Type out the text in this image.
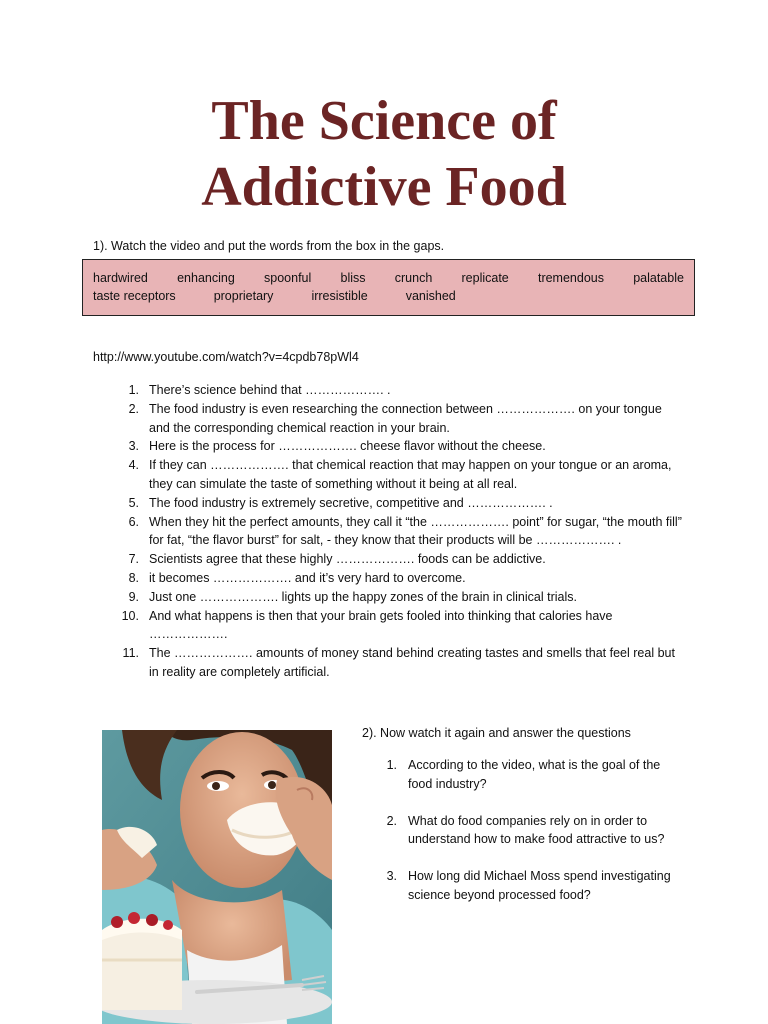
The Science of
Addictive Food
1). Watch the video and put the words from the box in the gaps.
hardwired enhancing spoonful bliss crunch replicate tremendous palatable
taste receptors	proprietary	irresistible	vanished
http://www.youtube.com/watch?v=4cpdb78pWl4
1. There’s science behind that ………………. .
2. The food industry is even researching the connection between ………………. on your tongue and the corresponding chemical reaction in your brain.
3. Here is the process for ………………. cheese flavor without the cheese.
4. If they can ………………. that chemical reaction that may happen on your tongue or an aroma, they can simulate the taste of something without it being at all real.
5. The food industry is extremely secretive, competitive and ………………. .
6. When they hit the perfect amounts, they call it “the ………………. point” for sugar, “the mouth fill” for fat, “the flavor burst” for salt, - they know that their products will be ………………. .
7. Scientists agree that these highly ………………. foods can be addictive.
8. it becomes ………………. and it’s very hard to overcome.
9. Just one ………………. lights up the happy zones of the brain in clinical trials.
10. And what happens is then that your brain gets fooled into thinking that calories have ……………….
11. The ………………. amounts of money stand behind creating tastes and smells that feel real but in reality are completely artificial.
2). Now watch it again and answer the questions
1. According to the video, what is the goal of the food industry?
2. What do food companies rely on in order to understand how to make food attractive to us?
3. How long did Michael Moss spend investigating science beyond processed food?
